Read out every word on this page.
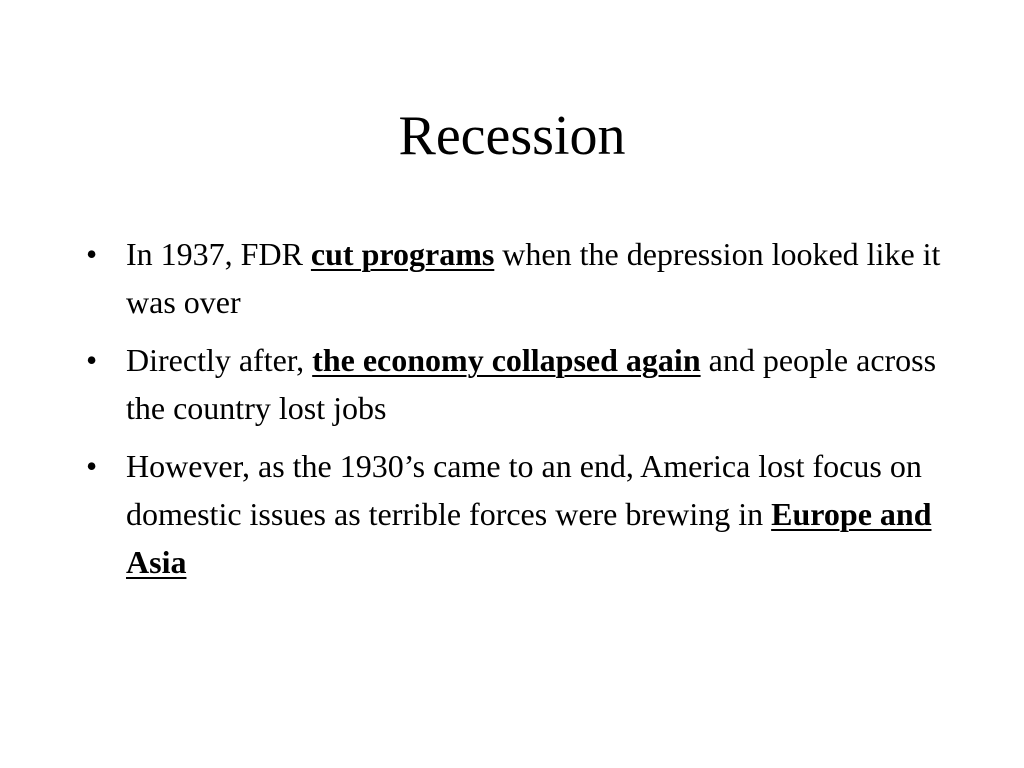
Recession
• In 1937, FDR cut programs when the depression looked like it was over
• Directly after, the economy collapsed again and people across the country lost jobs
• However, as the 1930’s came to an end, America lost focus on domestic issues as terrible forces were brewing in Europe and Asia
